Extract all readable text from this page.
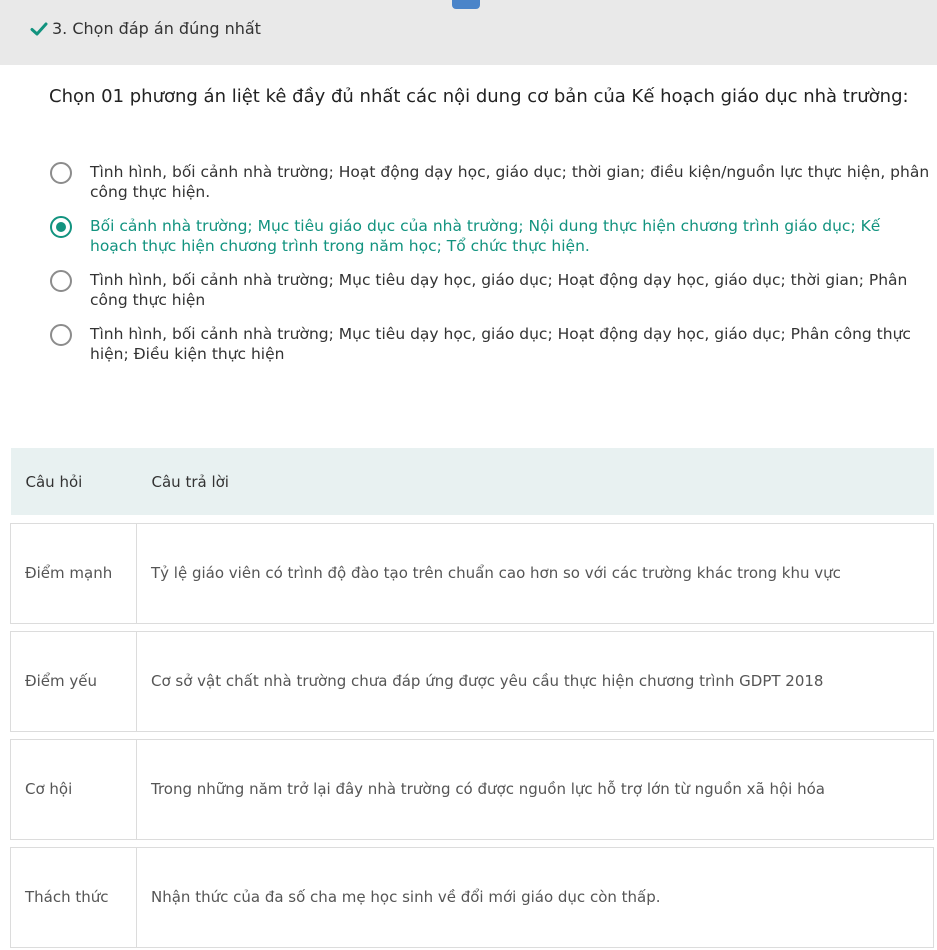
3. Chọn đáp án đúng nhất
Chọn 01 phương án liệt kê đầy đủ nhất các nội dung cơ bản của Kế hoạch giáo dục nhà trường:
Tình hình, bối cảnh nhà trường; Hoạt động dạy học, giáo dục; thời gian; điều kiện/nguồn lực thực hiện, phân công thực hiện.
Bối cảnh nhà trường; Mục tiêu giáo dục của nhà trường; Nội dung thực hiện chương trình giáo dục; Kế hoạch thực hiện chương trình trong năm học; Tổ chức thực hiện.
Tình hình, bối cảnh nhà trường; Mục tiêu dạy học, giáo dục; Hoạt động dạy học, giáo dục; thời gian; Phân công thực hiện
Tình hình, bối cảnh nhà trường; Mục tiêu dạy học, giáo dục; Hoạt động dạy học, giáo dục; Phân công thực hiện; Điều kiện thực hiện
Câu hỏi	Câu trả lời

Điểm mạnh	Tỷ lệ giáo viên có trình độ đào tạo trên chuẩn cao hơn so với các trường khác trong khu vực

Điểm yếu	Cơ sở vật chất nhà trường chưa đáp ứng được yêu cầu thực hiện chương trình GDPT 2018

Cơ hội	Trong những năm trở lại đây nhà trường có được nguồn lực hỗ trợ lớn từ nguồn xã hội hóa

Thách thức	Nhận thức của đa số cha mẹ học sinh về đổi mới giáo dục còn thấp.
